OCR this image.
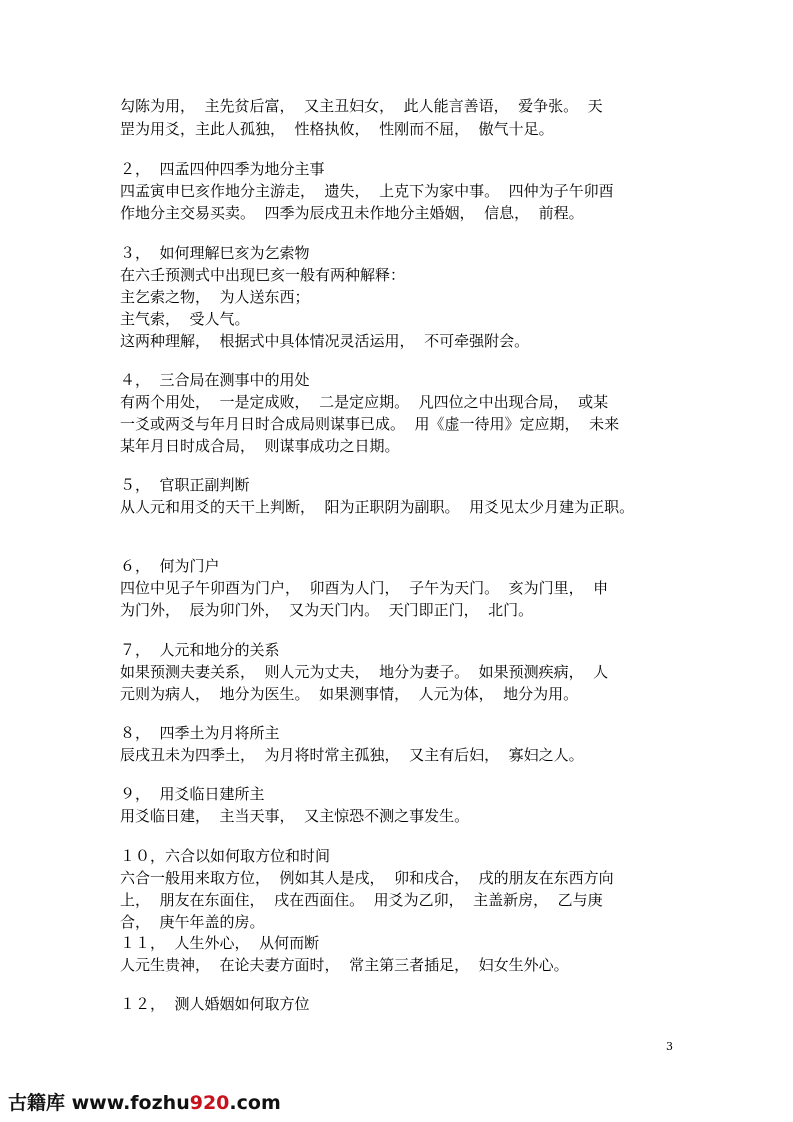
勾陈为用，  主先贫后富，  又主丑妇女，  此人能言善语，  爱争张。  天
罡为用爻，主此人孤独，  性格执攸，  性刚而不屈，  傲气十足。
２，  四孟四仲四季为地分主事
四孟寅申巳亥作地分主游走，  遗失，  上克下为家中事。  四仲为子午卯酉
作地分主交易买卖。  四季为辰戌丑未作地分主婚姻，  信息，  前程。
３，  如何理解巳亥为乞索物
在六壬预测式中出现巳亥一般有两种解释：
主乞索之物，  为人送东西；
主气索，  受人气。
这两种理解，  根据式中具体情况灵活运用，  不可牵强附会。
４，  三合局在测事中的用处
有两个用处，  一是定成败，  二是定应期。  凡四位之中出现合局，  或某
一爻或两爻与年月日时合成局则谋事已成。  用《虚一待用》定应期，  未来
某年月日时成合局，  则谋事成功之日期。
５，  官职正副判断
从人元和用爻的天干上判断，  阳为正职阴为副职。  用爻见太少月建为正职。
６，  何为门户
四位中见子午卯酉为门户，  卯酉为人门，  子午为天门。  亥为门里，  申
为门外，  辰为卯门外，  又为天门内。  天门即正门，  北门。
７，  人元和地分的关系
如果预测夫妻关系，  则人元为丈夫，  地分为妻子。  如果预测疾病，  人
元则为病人，  地分为医生。  如果测事情，  人元为体，  地分为用。
８，  四季土为月将所主
辰戌丑未为四季土，  为月将时常主孤独，  又主有后妇，  寡妇之人。
９，  用爻临日建所主
用爻临日建，  主当天事，  又主惊恐不测之事发生。
１０，六合以如何取方位和时间
六合一般用来取方位，  例如其人是戌，  卯和戌合，  戌的朋友在东西方向
上，  朋友在东面住，  戌在西面住。  用爻为乙卯，  主盖新房，  乙与庚
合，  庚午年盖的房。
１１，  人生外心，  从何而断
人元生贵神，  在论夫妻方面时，  常主第三者插足，  妇女生外心。
１２，  测人婚姻如何取方位
3
古籍库 www.fozhu920.com
